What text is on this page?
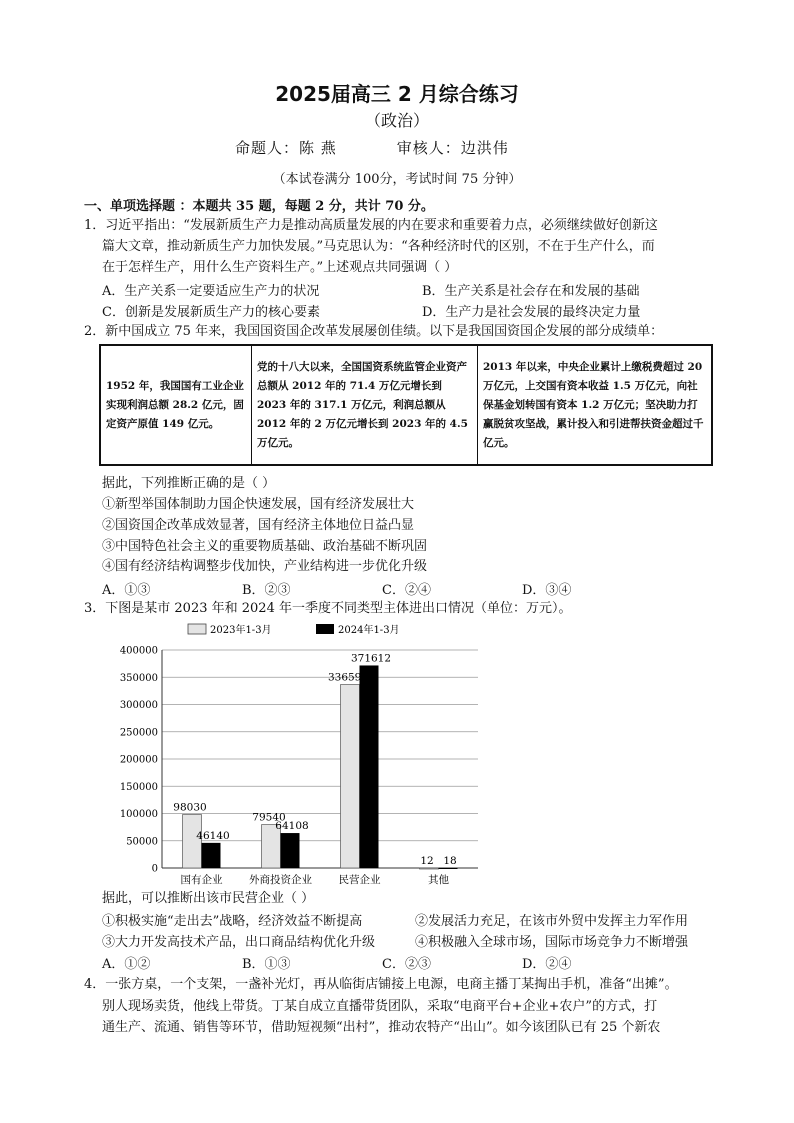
2025届高三 2 月综合练习
（政治）
命题人：陈 燕	审核人：边洪伟
（本试卷满分 100分，考试时间 75 分钟）
一、单项选择题 ：本题共 35 题，每题 2 分，共计 70 分。
1．习近平指出：“发展新质生产力是推动高质量发展的内在要求和重要着力点，必须继续做好创新这
篇大文章，推动新质生产力加快发展。”马克思认为：“各种经济时代的区别，不在于生产什么，而
在于怎样生产，用什么生产资料生产。”上述观点共同强调（ ）
A．生产关系一定要适应生产力的状况	B．生产关系是社会存在和发展的基础
C．创新是发展新质生产力的核心要素	D．生产力是社会发展的最终决定力量
2．新中国成立 75 年来，我国国资国企改革发展屡创佳绩。以下是我国国资国企发展的部分成绩单：
1952 年，我国国有工业企业实现利润总额 28.2 亿元，固定资产原值 149 亿元。	党的十八大以来，全国国资系统监管企业资产总额从 2012 年的 71.4 万亿元增长到 2023 年的 317.1 万亿元，利润总额从 2012 年的 2 万亿元增长到 2023 年的 4.5 万亿元。	2013 年以来，中央企业累计上缴税费超过 20 万亿元，上交国有资本收益 1.5 万亿元，向社保基金划转国有资本 1.2 万亿元；坚决助力打赢脱贫攻坚战，累计投入和引进帮扶资金超过千亿元。
据此，下列推断正确的是（ ）
①新型举国体制助力国企快速发展，国有经济发展壮大
②国资国企改革成效显著，国有经济主体地位日益凸显
③中国特色社会主义的重要物质基础、政治基础不断巩固
④国有经济结构调整步伐加快，产业结构进一步优化升级
A．①③	B．②③	C．②④	D．③④
3．下图是某市 2023 年和 2024 年一季度不同类型主体进出口情况（单位：万元）。
2023年1-3月	2024年1-3月
0
50000
100000
150000
200000
250000
300000
350000
400000
98030
46140
79540
64108
336591
371612
12 18
国有企业	外商投资企业	民营企业	其他
据此，可以推断出该市民营企业（ ）
①积极实施“走出去”战略，经济效益不断提高	②发展活力充足，在该市外贸中发挥主力军作用
③大力开发高技术产品，出口商品结构优化升级	④积极融入全球市场，国际市场竞争力不断增强
A．①②	B．①③	C．②③	D．②④
4．一张方桌，一个支架，一盏补光灯，再从临街店铺接上电源，电商主播丁某掏出手机，准备“出摊”。
别人现场卖货，他线上带货。丁某自成立直播带货团队，采取“电商平台+企业+农户”的方式，打
通生产、流通、销售等环节，借助短视频“出村”，推动农特产“出山”。如今该团队已有 25 个新农
